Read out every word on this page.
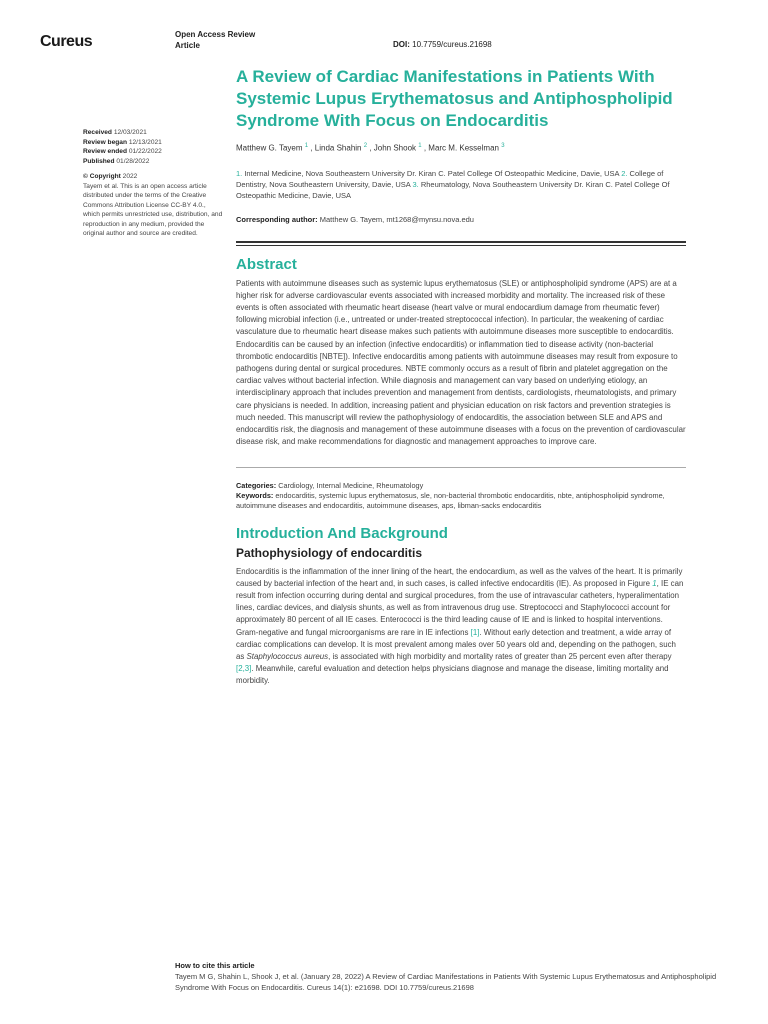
Cureus	Open Access Review
Article	DOI: 10.7759/cureus.21698
Received 12/03/2021
Review began 12/13/2021
Review ended 01/22/2022
Published 01/28/2022
© Copyright 2022
Tayem et al. This is an open access article distributed under the terms of the Creative Commons Attribution License CC-BY 4.0., which permits unrestricted use, distribution, and reproduction in any medium, provided the original author and source are credited.
A Review of Cardiac Manifestations in Patients With Systemic Lupus Erythematosus and Antiphospholipid Syndrome With Focus on Endocarditis
Matthew G. Tayem $^1$ , Linda Shahin $^2$ , John Shook $^1$ , Marc M. Kesselman $^3$
1. Internal Medicine, Nova Southeastern University Dr. Kiran C. Patel College Of Osteopathic Medicine, Davie, USA 2. College of Dentistry, Nova Southeastern University, Davie, USA 3. Rheumatology, Nova Southeastern University Dr. Kiran C. Patel College Of Osteopathic Medicine, Davie, USA
Corresponding author: Matthew G. Tayem, mt1268@mynsu.nova.edu
Abstract

Patients with autoimmune diseases such as systemic lupus erythematosus (SLE) or antiphospholipid syndrome (APS) are at a higher risk for adverse cardiovascular events associated with increased morbidity and mortality. The increased risk of these events is often associated with rheumatic heart disease (heart valve or mural endocardium damage from rheumatic fever) following microbial infection (i.e., untreated or under-treated streptococcal infection). In particular, the weakening of cardiac vasculature due to rheumatic heart disease makes such patients with autoimmune diseases more susceptible to endocarditis. Endocarditis can be caused by an infection (infective endocarditis) or inflammation tied to disease activity (non-bacterial thrombotic endocarditis [NBTE]). Infective endocarditis among patients with autoimmune diseases may result from exposure to pathogens during dental or surgical procedures. NBTE commonly occurs as a result of fibrin and platelet aggregation on the cardiac valves without bacterial infection. While diagnosis and management can vary based on underlying etiology, an interdisciplinary approach that includes prevention and management from dentists, cardiologists, rheumatologists, and primary care physicians is needed. In addition, increasing patient and physician education on risk factors and prevention strategies is much needed. This manuscript will review the pathophysiology of endocarditis, the association between SLE and APS and endocarditis risk, the diagnosis and management of these autoimmune diseases with a focus on the prevention of cardiovascular disease risk, and make recommendations for diagnostic and management approaches to improve care.

Categories: Cardiology, Internal Medicine, Rheumatology
Keywords: endocarditis, systemic lupus erythematosus, sle, non-bacterial thrombotic endocarditis, nbte, antiphospholipid syndrome, autoimmune diseases and endocarditis, autoimmune diseases, aps, libman-sacks endocarditis
Introduction And Background
Pathophysiology of endocarditis

Endocarditis is the inflammation of the inner lining of the heart, the endocardium, as well as the valves of the heart. It is primarily caused by bacterial infection of the heart and, in such cases, is called infective endocarditis (IE). As proposed in Figure 1, IE can result from infection occurring during dental and surgical procedures, from the use of intravascular catheters, hyperalimentation lines, cardiac devices, and dialysis shunts, as well as from intravenous drug use. Streptococci and Staphylococci account for approximately 80 percent of all IE cases. Enterococci is the third leading cause of IE and is linked to hospital interventions. Gram-negative and fungal microorganisms are rare in IE infections [1]. Without early detection and treatment, a wide array of cardiac complications can develop. It is most prevalent among males over 50 years old and, depending on the pathogen, such as Staphylococcus aureus, is associated with high morbidity and mortality rates of greater than 25 percent even after therapy [2,3]. Meanwhile, careful evaluation and detection helps physicians diagnose and manage the disease, limiting mortality and morbidity.

How to cite this article
Tayem M G, Shahin L, Shook J, et al. (January 28, 2022) A Review of Cardiac Manifestations in Patients With Systemic Lupus Erythematosus and Antiphospholipid Syndrome With Focus on Endocarditis. Cureus 14(1): e21698. DOI 10.7759/cureus.21698
